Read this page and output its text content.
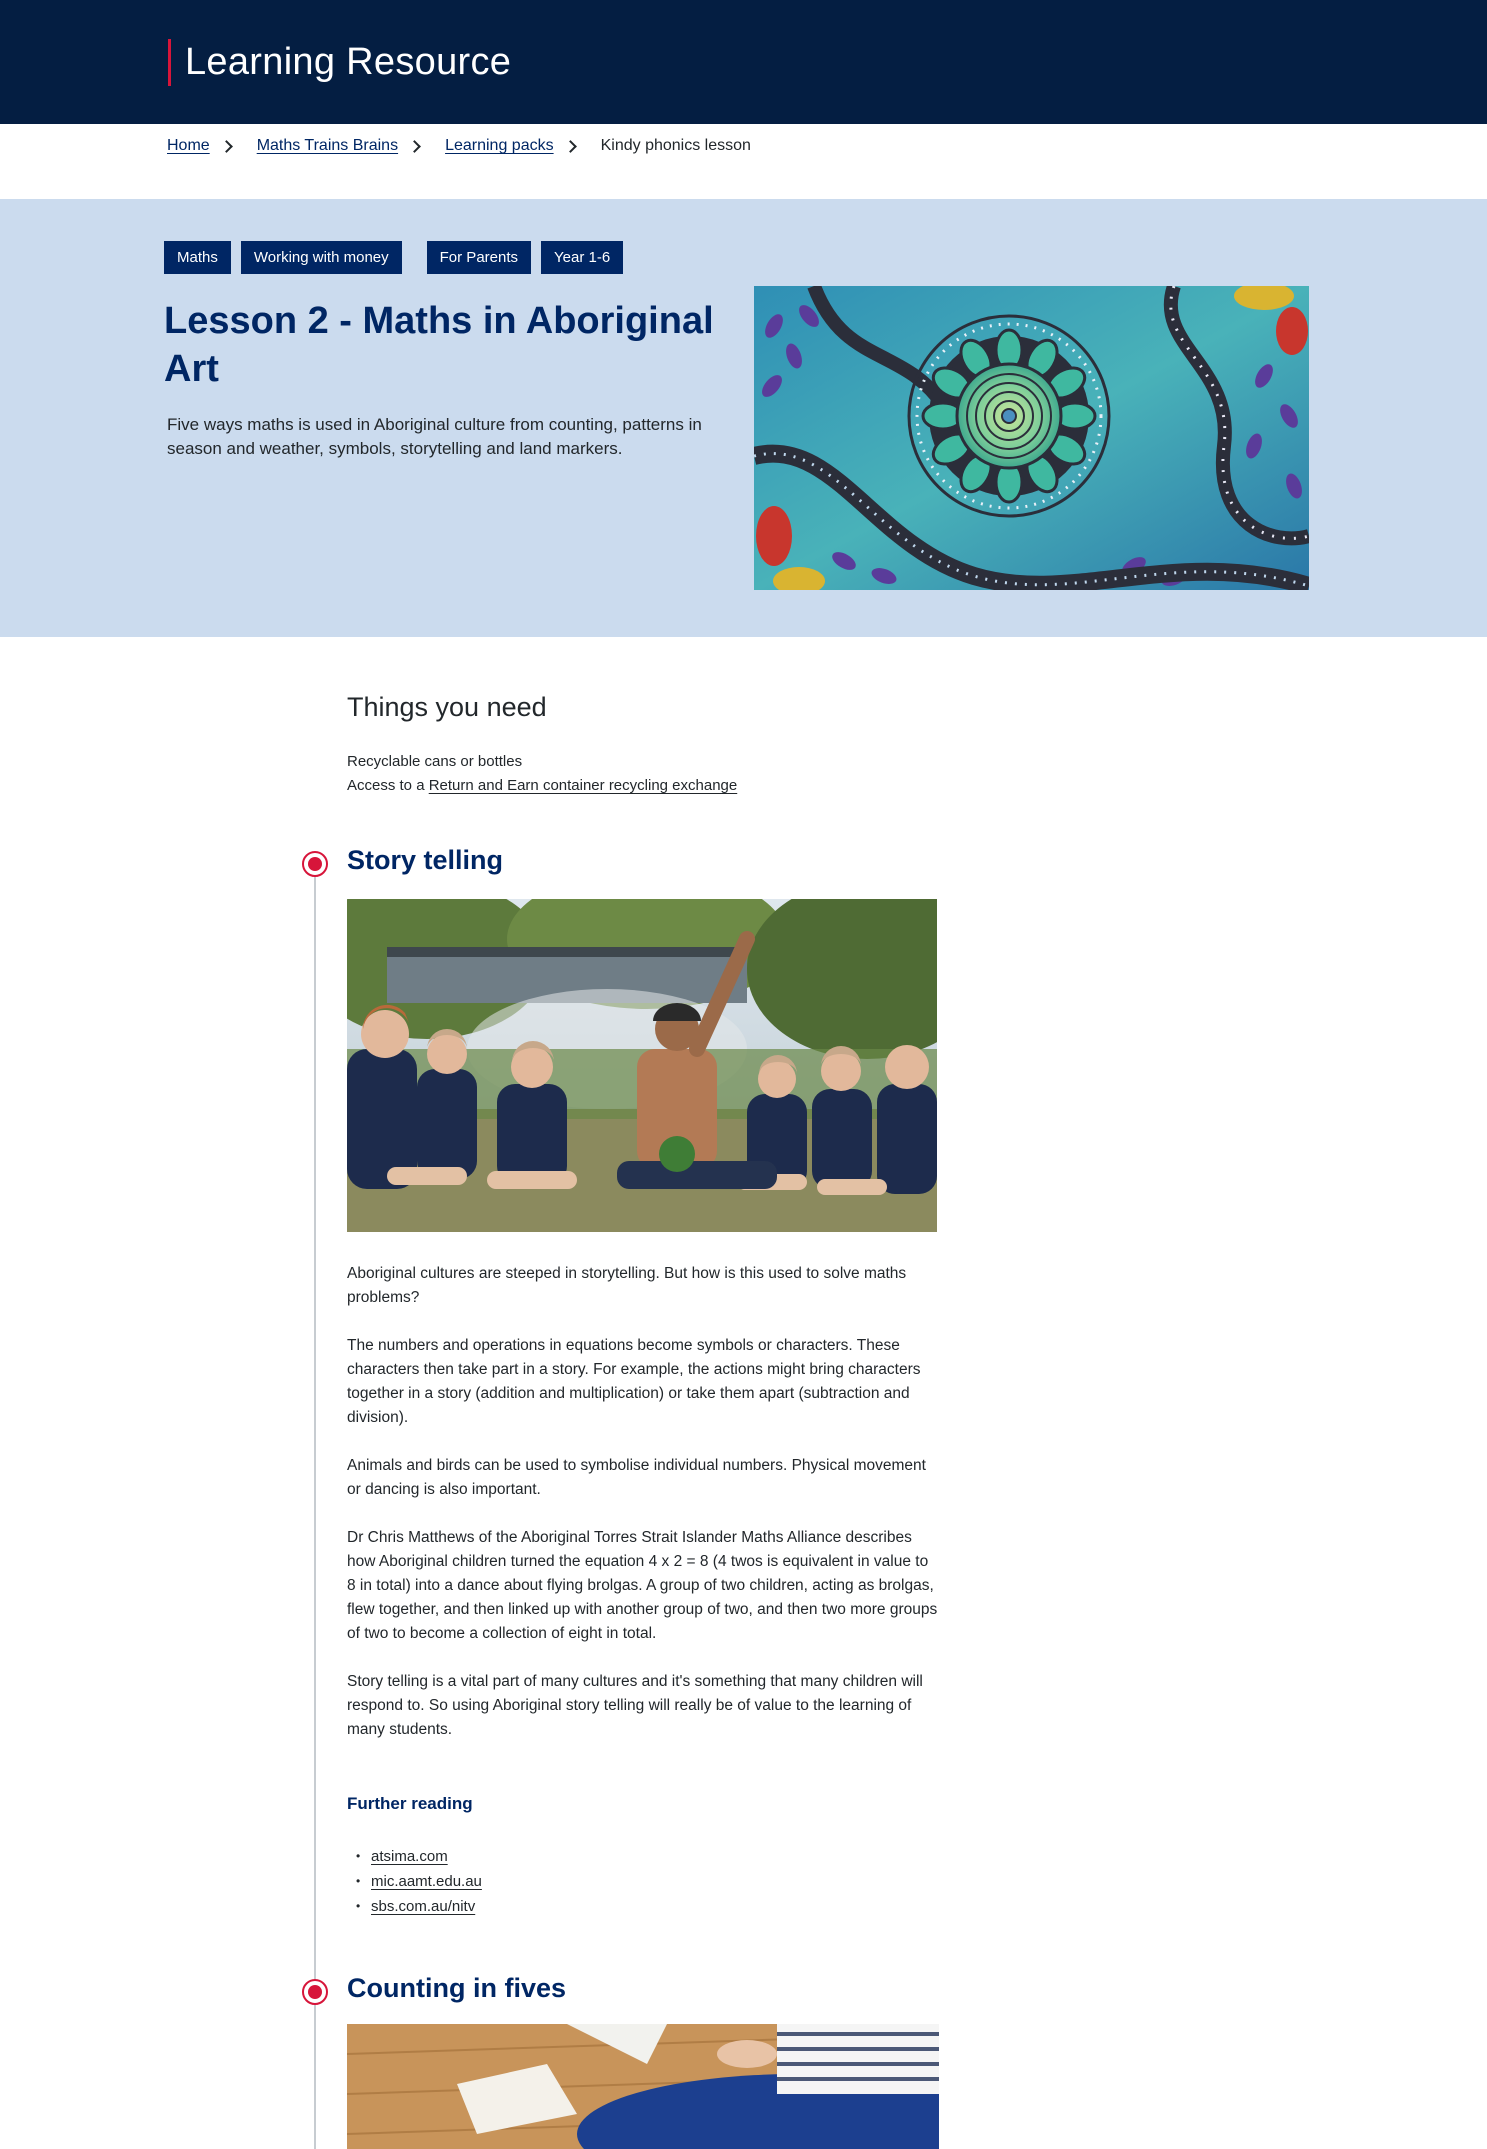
Learning Resource
Home	Maths Trains Brains	Learning packs	Kindy phonics lesson
Maths	Working with money	For Parents	Year 1-6
Lesson 2 - Maths in Aboriginal Art

Five ways maths is used in Aboriginal culture from counting, patterns in season and weather, symbols, storytelling and land markers.

Things you need
Recyclable cans or bottles
Access to a Return and Earn container recycling exchange
Story telling

Aboriginal cultures are steeped in storytelling. But how is this used to solve maths problems?

The numbers and operations in equations become symbols or characters. These characters then take part in a story. For example, the actions might bring characters together in a story (addition and multiplication) or take them apart (subtraction and division).

Animals and birds can be used to symbolise individual numbers. Physical movement or dancing is also important.

Dr Chris Matthews of the Aboriginal Torres Strait Islander Maths Alliance describes how Aboriginal children turned the equation 4 x 2 = 8 (4 twos is equivalent in value to 8 in total) into a dance about flying brolgas. A group of two children, acting as brolgas, flew together, and then linked up with another group of two, and then two more groups of two to become a collection of eight in total.

Story telling is a vital part of many cultures and it's something that many children will respond to. So using Aboriginal story telling will really be of value to the learning of many students.

Further reading
• atsima.com
• mic.aamt.edu.au
• sbs.com.au/nitv
Counting in fives
